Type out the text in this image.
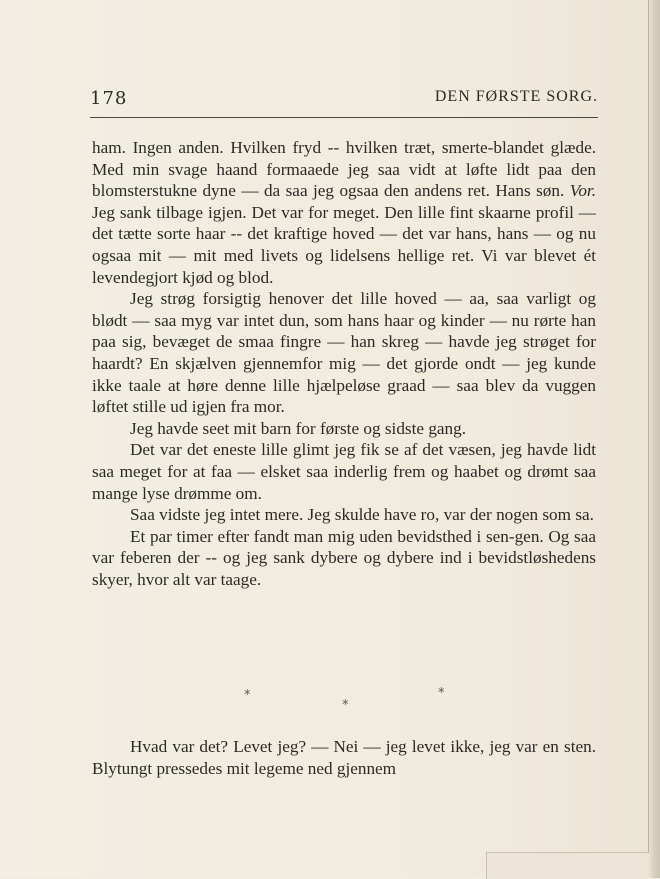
178	DEN FØRSTE SORG.

ham. Ingen anden. Hvilken fryd -- hvilken træt, smerte-blandet glæde. Med min svage haand formaaede jeg saa vidt at løfte lidt paa den blomsterstukne dyne — da saa jeg ogsaa den andens ret. Hans søn. Vor. Jeg sank tilbage igjen. Det var for meget. Den lille fint skaarne profil — det tætte sorte haar -- det kraftige hoved — det var hans, hans — og nu ogsaa mit — mit med livets og lidelsens hellige ret. Vi var blevet ét levendegjort kjød og blod.

Jeg strøg forsigtig henover det lille hoved — aa, saa varligt og blødt — saa myg var intet dun, som hans haar og kinder — nu rørte han paa sig, bevæget de smaa fingre — han skreg — havde jeg strøget for haardt? En skjælven gjennemfor mig — det gjorde ondt — jeg kunde ikke taale at høre denne lille hjælpeløse graad — saa blev da vuggen løftet stille ud igjen fra mor.

Jeg havde seet mit barn for første og sidste gang.

Det var det eneste lille glimt jeg fik se af det væsen, jeg havde lidt saa meget for at faa — elsket saa inderlig frem og haabet og drømt saa mange lyse drømme om.

Saa vidste jeg intet mere. Jeg skulde have ro, var der nogen som sa.

Et par timer efter fandt man mig uden bevidsthed i sen-gen. Og saa var feberen der -- og jeg sank dybere og dybere ind i bevidstløshedens skyer, hvor alt var taage.

*	*
*

Hvad var det? Levet jeg? — Nei — jeg levet ikke, jeg var en sten. Blytungt pressedes mit legeme ned gjennem
